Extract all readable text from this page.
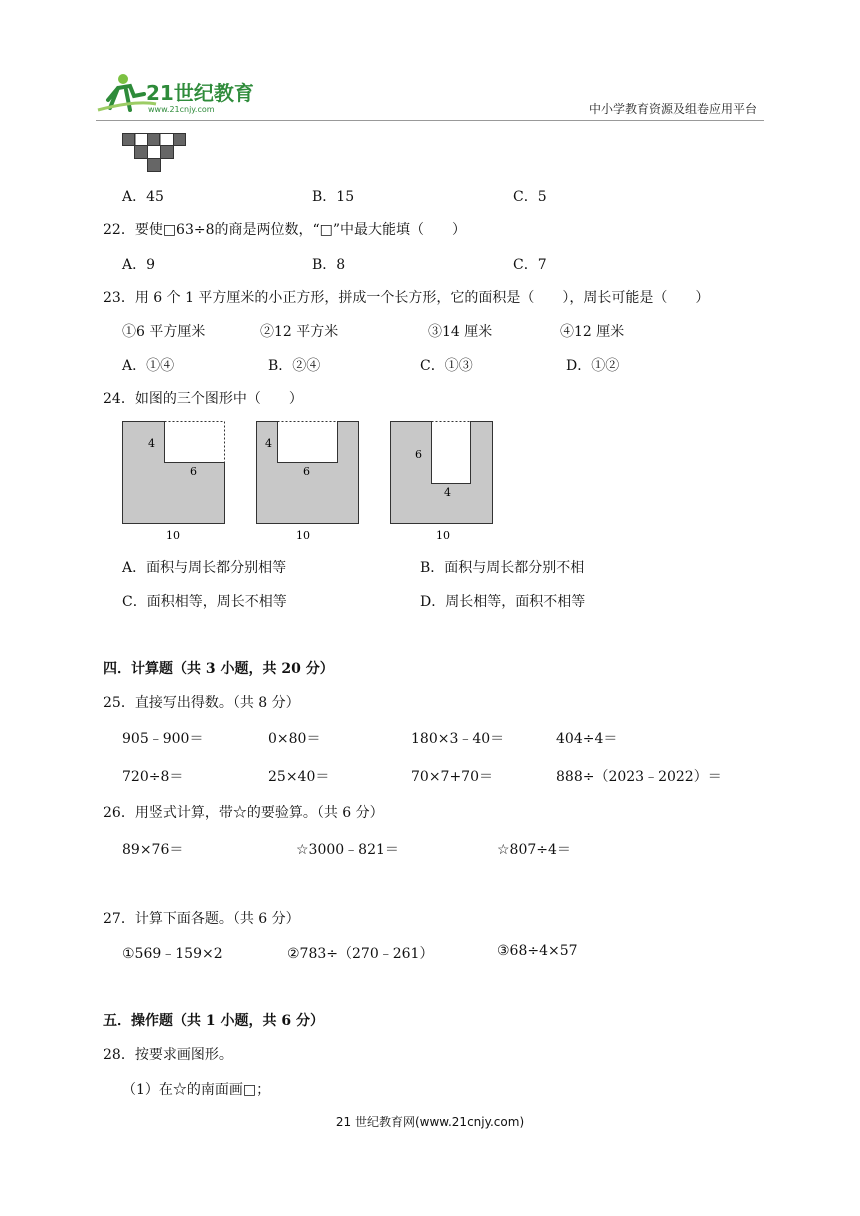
21世纪教育
www.21cnjy.com	中小学教育资源及组卷应用平台
A．45	B．15	C．5
22．要使□63÷8的商是两位数，“□”中最大能填（　　）
A．9	B．8	C．7
23．用 6 个 1 平方厘米的小正方形，拼成一个长方形，它的面积是（　　），周长可能是（　　）
①6 平方厘米	②12 平方米	③14 厘米	④12 厘米
A．①④	B．②④	C．①③	D．①②
24．如图的三个图形中（　　）
4
6
10
4
6
10
6
4
10
A．面积与周长都分别相等	B．面积与周长都分别不相
C．面积相等，周长不相等	D．周长相等，面积不相等
四．计算题（共 3 小题，共 20 分）
25．直接写出得数。（共 8 分）
905﹣900＝	0×80＝	180×3﹣40＝	404÷4＝
720÷8＝	25×40＝	70×7+70＝	888÷（2023﹣2022）＝
26．用竖式计算，带☆的要验算。（共 6 分）
89×76＝	☆3000﹣821＝	☆807÷4＝
27．计算下面各题。（共 6 分）
①569﹣159×2	②783÷（270﹣261）	③68÷4×57
五．操作题（共 1 小题，共 6 分）
28．按要求画图形。
（1）在☆的南面画□；
21 世纪教育网(www.21cnjy.com)
